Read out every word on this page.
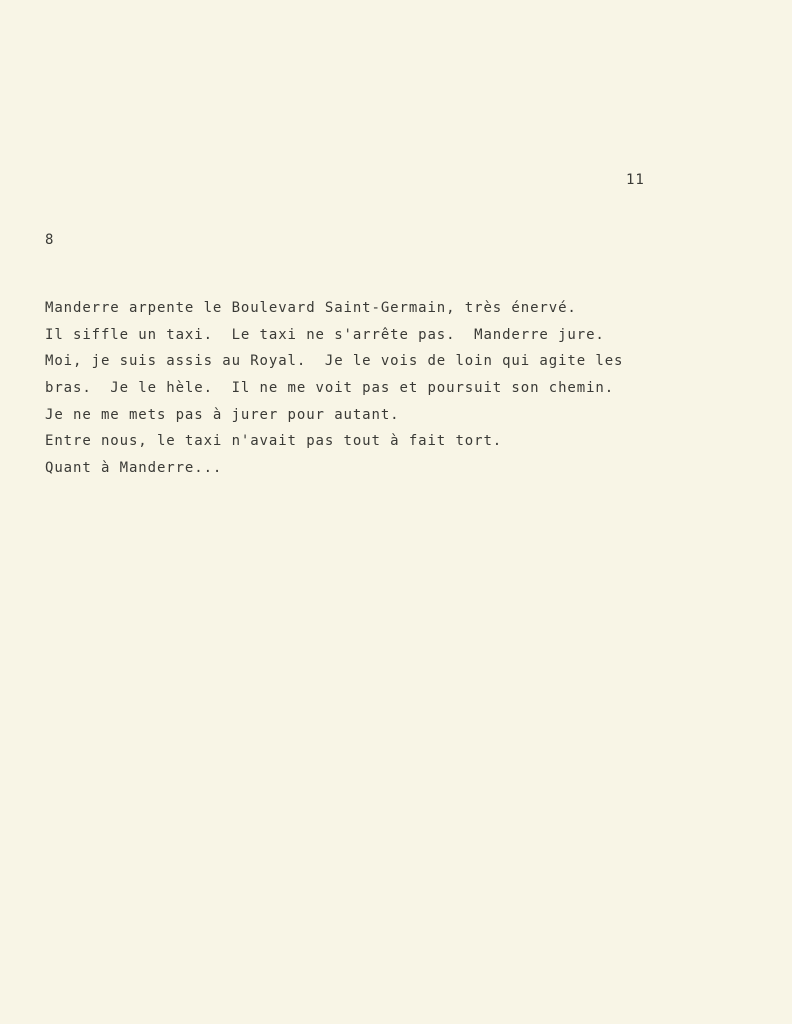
11
8
Manderre arpente le Boulevard Saint-Germain, très énervé.
Il siffle un taxi.  Le taxi ne s'arrête pas.  Manderre jure.
Moi, je suis assis au Royal.  Je le vois de loin qui agite les
bras.  Je le hèle.  Il ne me voit pas et poursuit son chemin.
Je ne me mets pas à jurer pour autant.
Entre nous, le taxi n'avait pas tout à fait tort.
Quant à Manderre...
